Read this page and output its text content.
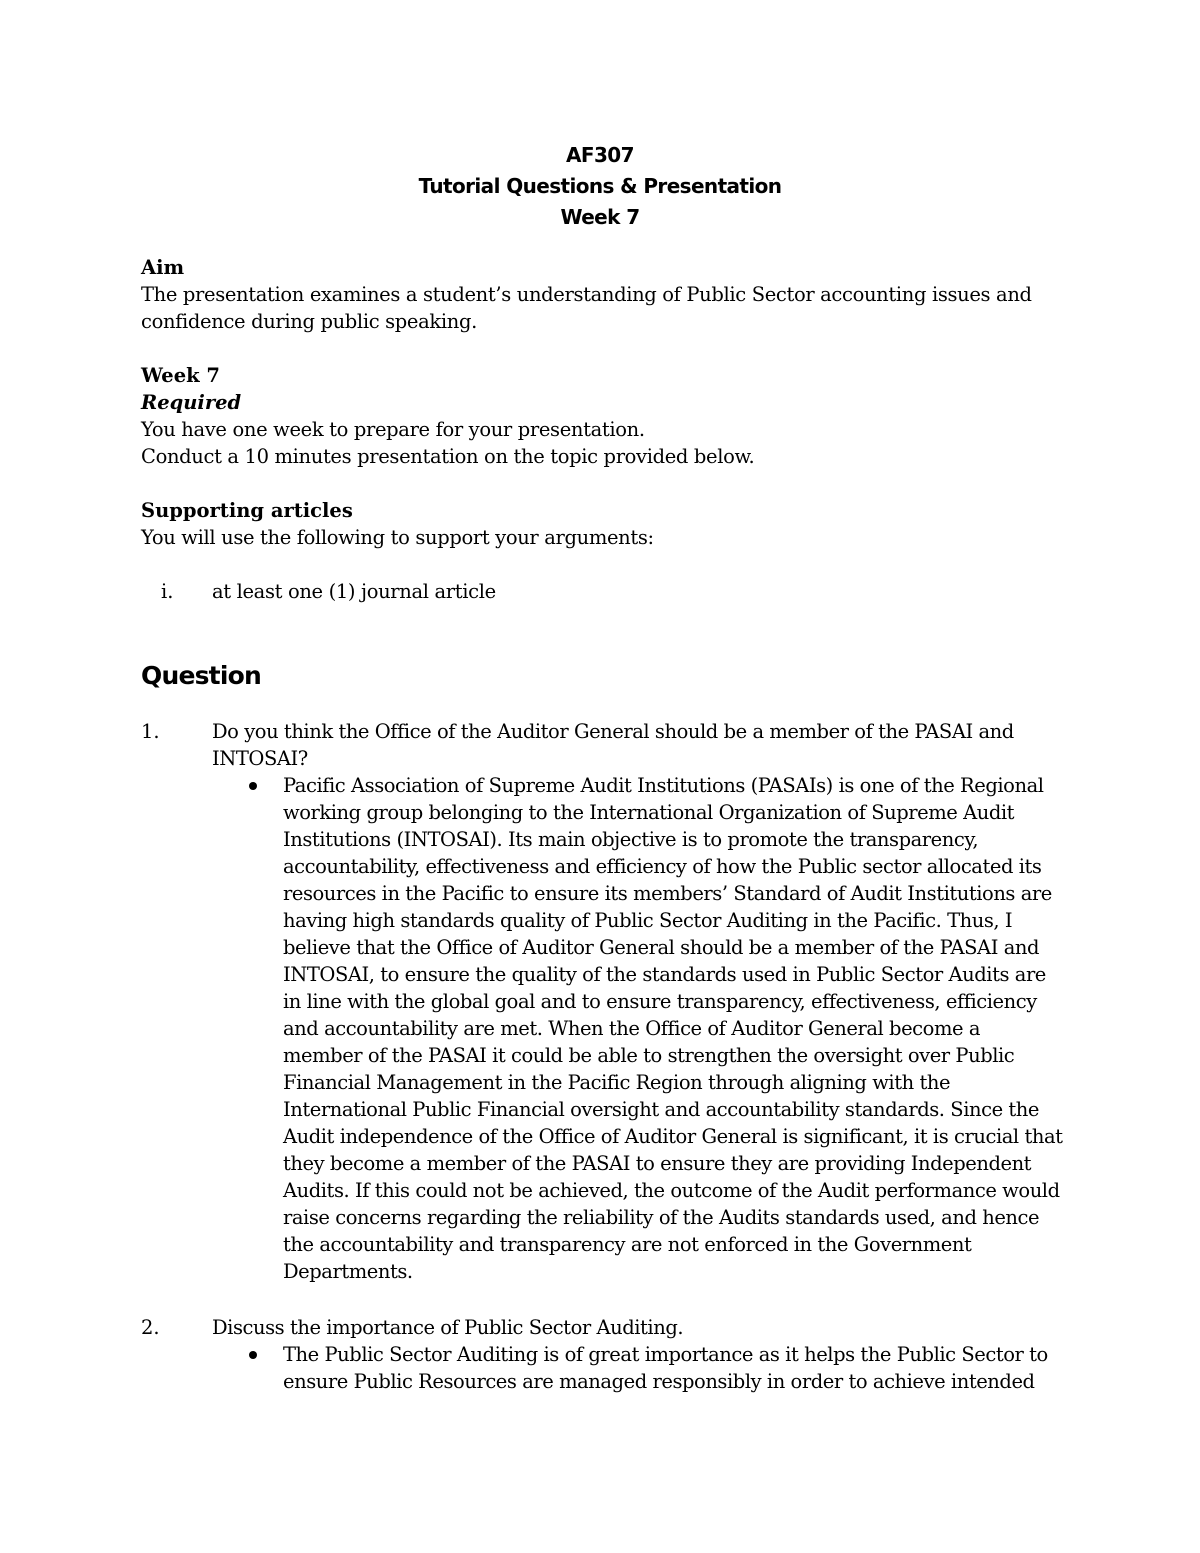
AF307
Tutorial Questions & Presentation
Week 7

Aim

The presentation examines a student’s understanding of Public Sector accounting issues and confidence during public speaking.

Week 7

Required

You have one week to prepare for your presentation.

Conduct a 10 minutes presentation on the topic provided below.

Supporting articles

You will use the following to support your arguments:

i. at least one (1) journal article
Question
1.	Do you think the Office of the Auditor General should be a member of the PASAI and INTOSAI?
Pacific Association of Supreme Audit Institutions (PASAIs) is one of the Regional working group belonging to the International Organization of Supreme Audit Institutions (INTOSAI). Its main objective is to promote the transparency, accountability, effectiveness and efficiency of how the Public sector allocated its resources in the Pacific to ensure its members’ Standard of Audit Institutions are having high standards quality of Public Sector Auditing in the Pacific. Thus, I believe that the Office of Auditor General should be a member of the PASAI and INTOSAI, to ensure the quality of the standards used in Public Sector Audits are in line with the global goal and to ensure transparency, effectiveness, efficiency and accountability are met. When the Office of Auditor General become a member of the PASAI it could be able to strengthen the oversight over Public Financial Management in the Pacific Region through aligning with the International Public Financial oversight and accountability standards. Since the Audit independence of the Office of Auditor General is significant, it is crucial that they become a member of the PASAI to ensure they are providing Independent Audits. If this could not be achieved, the outcome of the Audit performance would raise concerns regarding the reliability of the Audits standards used, and hence the accountability and transparency are not enforced in the Government Departments.
2.	Discuss the importance of Public Sector Auditing.
The Public Sector Auditing is of great importance as it helps the Public Sector to ensure Public Resources are managed responsibly in order to achieve intended
